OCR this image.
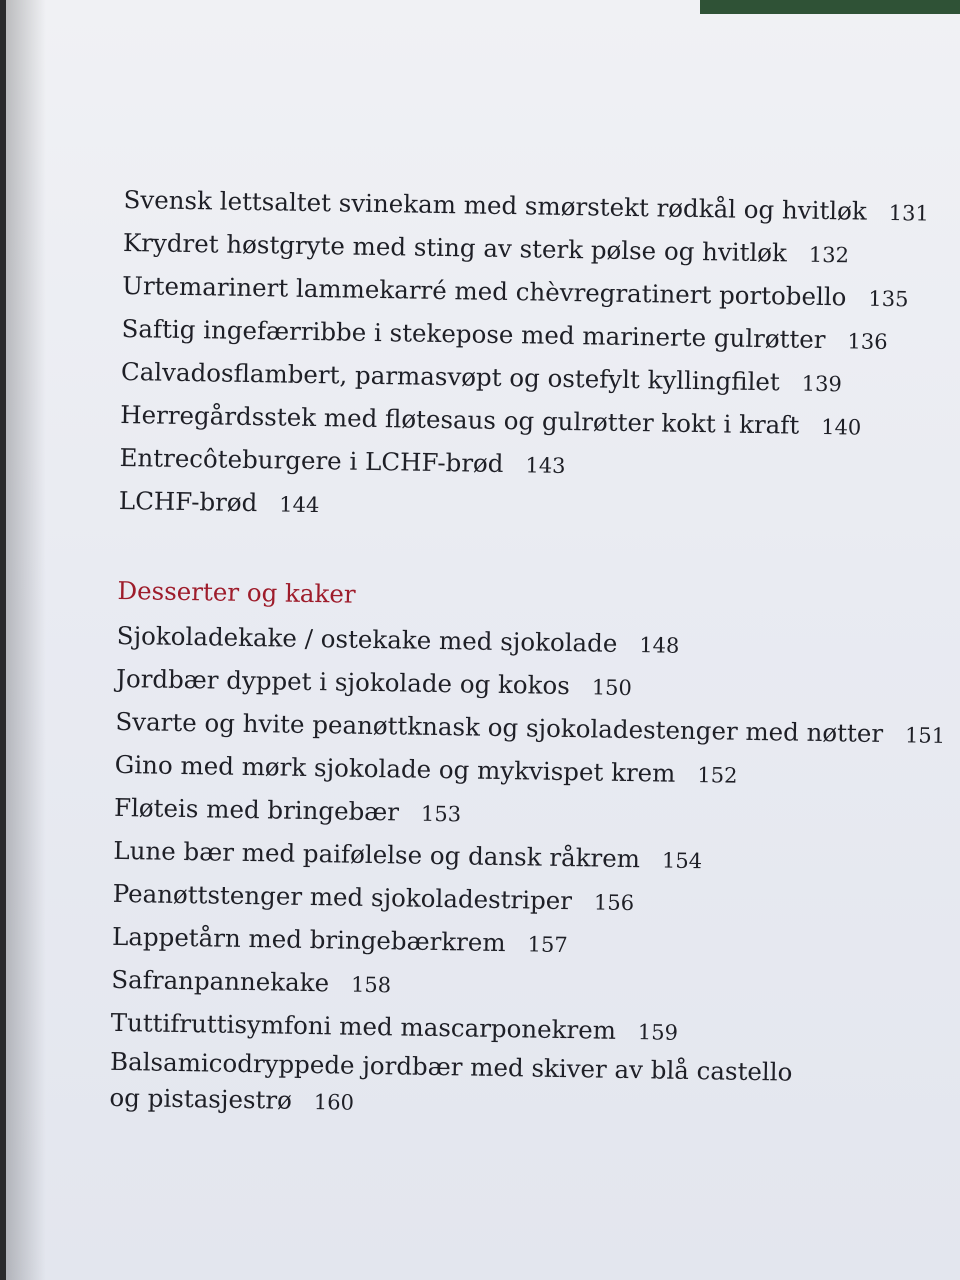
Svensk lettsaltet svinekam med smørstekt rødkål og hvitløk 131
Krydret høstgryte med sting av sterk pølse og hvitløk 132
Urtemarinert lammekarré med chèvregratinert portobello 135
Saftig ingefærribbe i stekepose med marinerte gulrøtter 136
Calvadosflambert, parmasvøpt og ostefylt kyllingfilet 139
Herregårdsstek med fløtesaus og gulrøtter kokt i kraft 140
Entrecôteburgere i LCHF-brød 143
LCHF-brød 144
Desserter og kaker
Sjokoladekake / ostekake med sjokolade 148
Jordbær dyppet i sjokolade og kokos 150
Svarte og hvite peanøttknask og sjokoladestenger med nøtter 151
Gino med mørk sjokolade og mykvispet krem 152
Fløteis med bringebær 153
Lune bær med paifølelse og dansk råkrem 154
Peanøttstenger med sjokoladestriper 156
Lappetårn med bringebærkrem 157
Safranpannekake 158
Tuttifruttisymfoni med mascarponekrem 159
Balsamicodryppede jordbær med skiver av blå castello
og pistasjestrø 160
